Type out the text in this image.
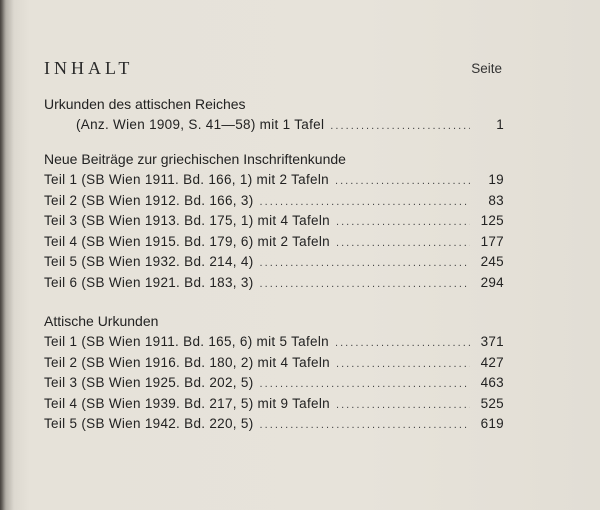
INHALT	Seite
Urkunden des attischen Reiches
(Anz. Wien 1909, S. 41—58) mit 1 Tafel . . .	1
Neue Beiträge zur griechischen Inschriftenkunde
Teil 1 (SB Wien 1911. Bd. 166, 1) mit 2 Tafeln . . .	19
Teil 2 (SB Wien 1912. Bd. 166, 3) . . .	83
Teil 3 (SB Wien 1913. Bd. 175, 1) mit 4 Tafeln . . .	125
Teil 4 (SB Wien 1915. Bd. 179, 6) mit 2 Tafeln . . .	177
Teil 5 (SB Wien 1932. Bd. 214, 4) . . .	245
Teil 6 (SB Wien 1921. Bd. 183, 3) . . .	294
Attische Urkunden
Teil 1 (SB Wien 1911. Bd. 165, 6) mit 5 Tafeln . . .	371
Teil 2 (SB Wien 1916. Bd. 180, 2) mit 4 Tafeln . . .	427
Teil 3 (SB Wien 1925. Bd. 202, 5) . . .	463
Teil 4 (SB Wien 1939. Bd. 217, 5) mit 9 Tafeln . . .	525
Teil 5 (SB Wien 1942. Bd. 220, 5) . . .	619
